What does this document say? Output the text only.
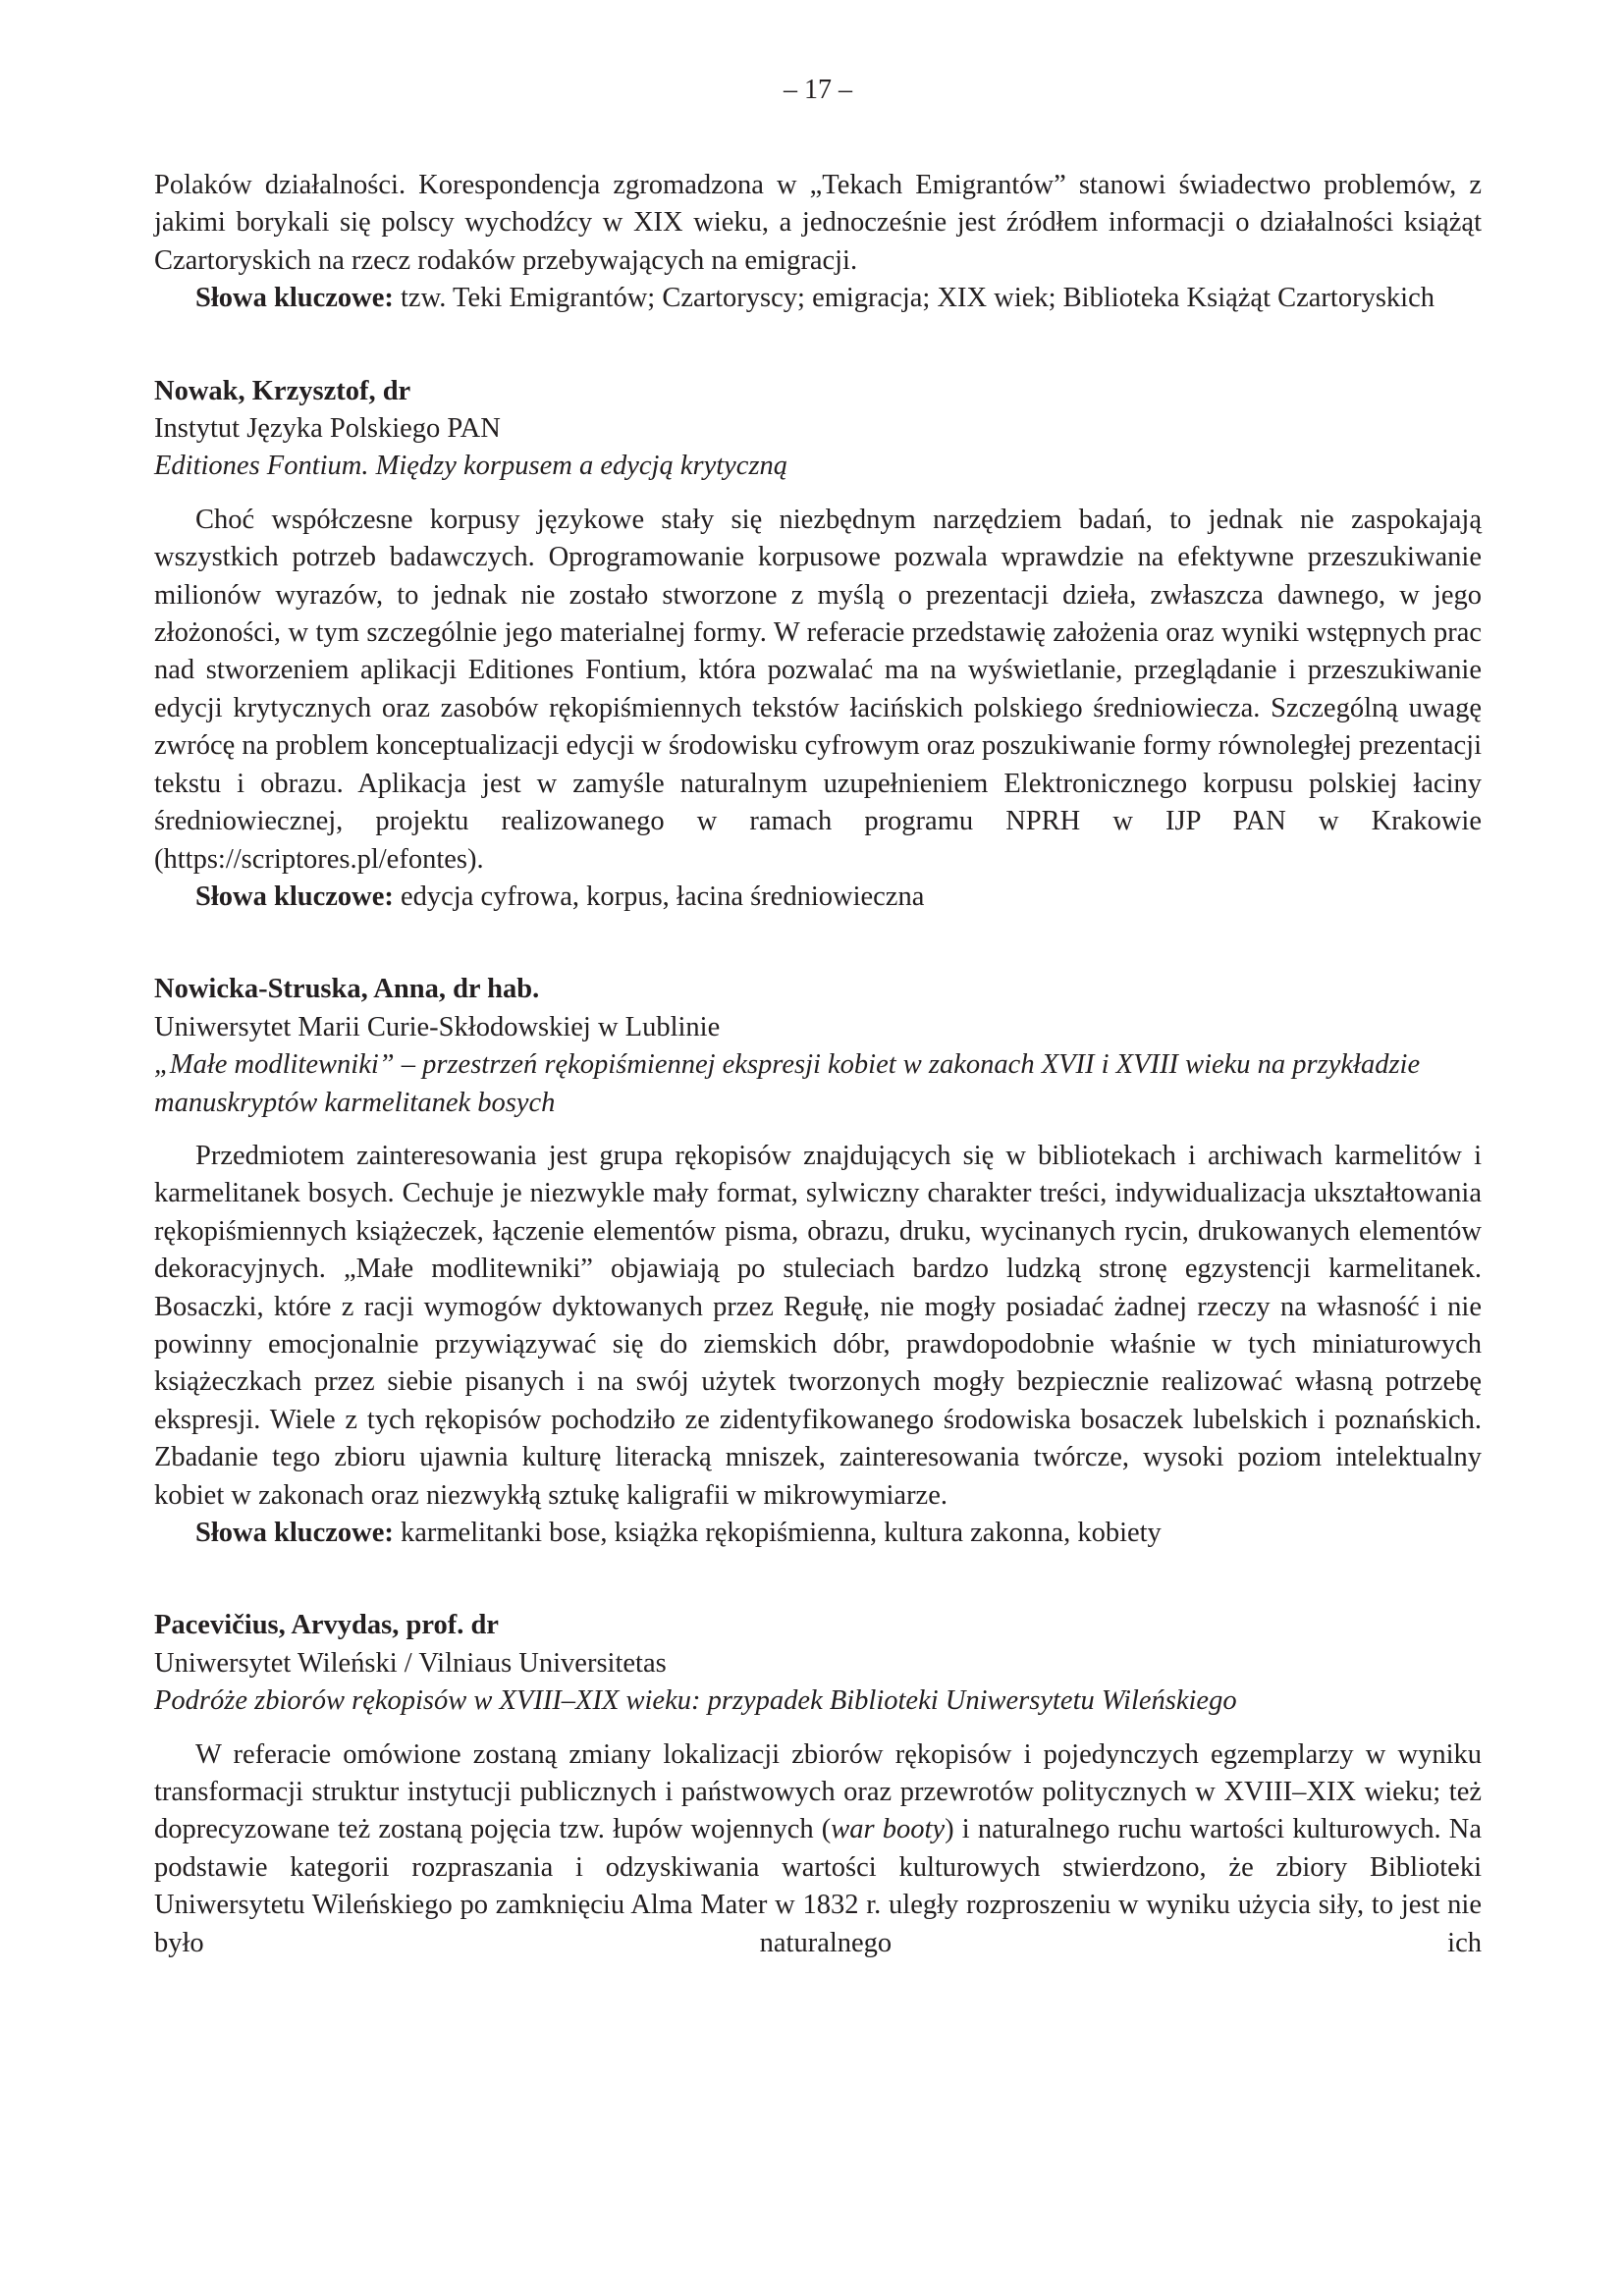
– 17 –

Polaków działalności. Korespondencja zgromadzona w „Tekach Emigrantów” stanowi świadectwo problemów, z jakimi borykali się polscy wychodźcy w XIX wieku, a jednocześnie jest źródłem informacji o działalności książąt Czartoryskich na rzecz rodaków przebywających na emigracji.

Słowa kluczowe: tzw. Teki Emigrantów; Czartoryscy; emigracja; XIX wiek; Biblioteka Książąt Czartoryskich

Nowak, Krzysztof, dr

Instytut Języka Polskiego PAN

Editiones Fontium. Między korpusem a edycją krytyczną

Choć współczesne korpusy językowe stały się niezbędnym narzędziem badań, to jednak nie zaspokajają wszystkich potrzeb badawczych. Oprogramowanie korpusowe pozwala wprawdzie na efektywne przeszukiwanie milionów wyrazów, to jednak nie zostało stworzone z myślą o prezentacji dzieła, zwłaszcza dawnego, w jego złożoności, w tym szczególnie jego materialnej formy. W referacie przedstawię założenia oraz wyniki wstępnych prac nad stworzeniem aplikacji Editiones Fontium, która pozwalać ma na wyświetlanie, przeglądanie i przeszukiwanie edycji krytycznych oraz zasobów rękopiśmiennych tekstów łacińskich polskiego średniowiecza. Szczególną uwagę zwrócę na problem konceptualizacji edycji w środowisku cyfrowym oraz poszukiwanie formy równoległej prezentacji tekstu i obrazu. Aplikacja jest w zamyśle naturalnym uzupełnieniem Elektronicznego korpusu polskiej łaciny średniowiecznej, projektu realizowanego w ramach programu NPRH w IJP PAN w Krakowie (https://scriptores.pl/efontes).

Słowa kluczowe: edycja cyfrowa, korpus, łacina średniowieczna

Nowicka-Struska, Anna, dr hab.

Uniwersytet Marii Curie-Skłodowskiej w Lublinie

„Małe modlitewniki” – przestrzeń rękopiśmiennej ekspresji kobiet w zakonach XVII i XVIII wieku na przykładzie manuskryptów karmelitanek bosych

Przedmiotem zainteresowania jest grupa rękopisów znajdujących się w bibliotekach i archiwach karmelitów i karmelitanek bosych. Cechuje je niezwykle mały format, sylwiczny charakter treści, indywidualizacja ukształtowania rękopiśmiennych książeczek, łączenie elementów pisma, obrazu, druku, wycinanych rycin, drukowanych elementów dekoracyjnych. „Małe modlitewniki” objawiają po stuleciach bardzo ludzką stronę egzystencji karmelitanek. Bosaczki, które z racji wymogów dyktowanych przez Regułę, nie mogły posiadać żadnej rzeczy na własność i nie powinny emocjonalnie przywiązywać się do ziemskich dóbr, prawdopodobnie właśnie w tych miniaturowych książeczkach przez siebie pisanych i na swój użytek tworzonych mogły bezpiecznie realizować własną potrzebę ekspresji. Wiele z tych rękopisów pochodziło ze zidentyfikowanego środowiska bosaczek lubelskich i poznańskich. Zbadanie tego zbioru ujawnia kulturę literacką mniszek, zainteresowania twórcze, wysoki poziom intelektualny kobiet w zakonach oraz niezwykłą sztukę kaligrafii w mikrowymiarze.

Słowa kluczowe: karmelitanki bose, książka rękopiśmienna, kultura zakonna, kobiety

Pacevičius, Arvydas, prof. dr

Uniwersytet Wileński / Vilniaus Universitetas

Podróże zbiorów rękopisów w XVIII–XIX wieku: przypadek Biblioteki Uniwersytetu Wileńskiego

W referacie omówione zostaną zmiany lokalizacji zbiorów rękopisów i pojedynczych egzemplarzy w wyniku transformacji struktur instytucji publicznych i państwowych oraz przewrotów politycznych w XVIII–XIX wieku; też doprecyzowane też zostaną pojęcia tzw. łupów wojennych (war booty) i naturalnego ruchu wartości kulturowych. Na podstawie kategorii rozpraszania i odzyskiwania wartości kulturowych stwierdzono, że zbiory Biblioteki Uniwersytetu Wileńskiego po zamknięciu Alma Mater w 1832 r. uległy rozproszeniu w wyniku użycia siły, to jest nie było naturalnego ich
